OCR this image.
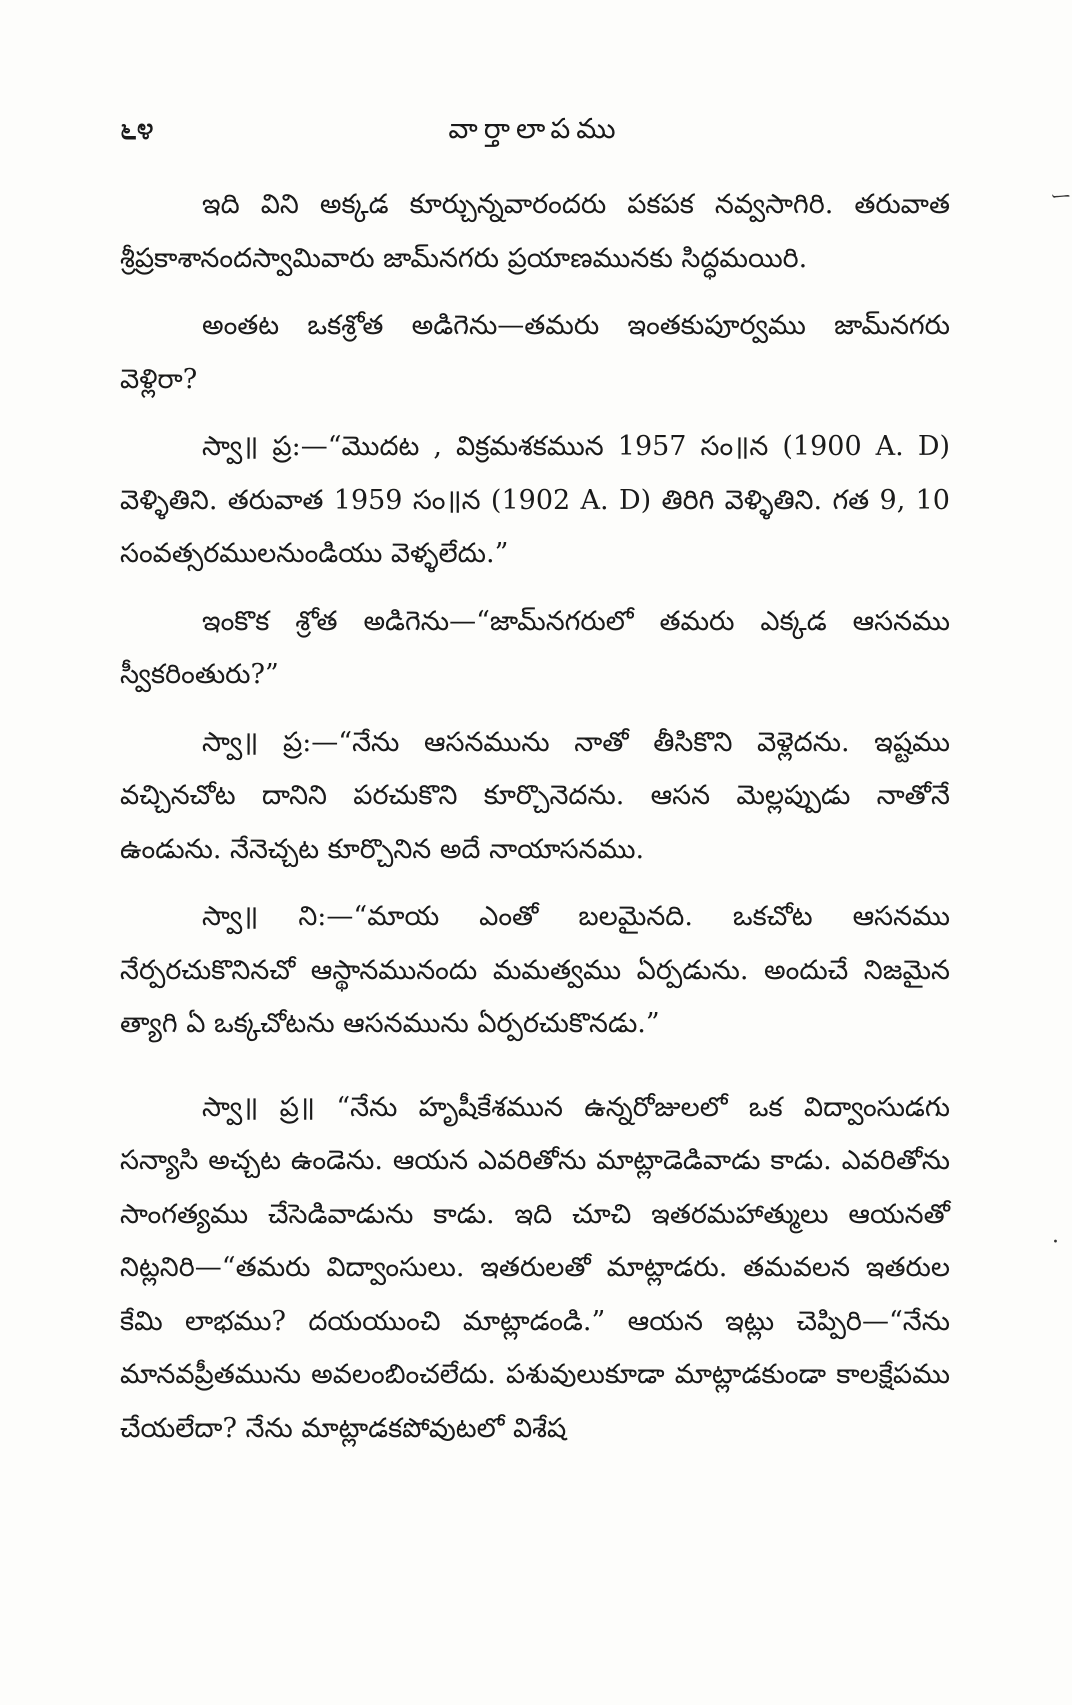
೬೪	వార్తాలాపము

ఇది విని అక్కడ కూర్చున్నవారందరు పకపక నవ్వసాగిరి. తరువాత శ్రీప్రకాశానందస్వామివారు జామ్‌నగరు ప్రయాణమునకు సిద్ధమయిరి.

అంతట ఒకశ్రోత అడిగెను—తమరు ఇంతకుపూర్వము జామ్‌నగరు వెళ్లిరా?

స్వా॥ ప్ర:—“మొదట , విక్రమశకమున 1957 సం॥న (1900 A. D) వెళ్ళితిని. తరువాత 1959 సం॥న (1902 A. D) తిరిగి వెళ్ళితిని. గత 9, 10 సంవత్సరములనుండియు వెళ్ళలేదు.”

ఇంకొక శ్రోత అడిగెను—“జామ్‌నగరులో తమరు ఎక్కడ ఆసనము స్వీకరింతురు?”

స్వా॥ ప్ర:—“నేను ఆసనమును నాతో తీసికొని వెళ్లెదను. ఇష్టము వచ్చినచోట దానిని పరచుకొని కూర్చొనెదను. ఆసన మెల్లప్పుడు నాతోనే ఉండును. నేనెచ్చట కూర్చొనిన అదే నాయాసనము.

స్వా॥ ని:—“మాయ ఎంతో బలమైనది. ఒకచోట ఆసనము నేర్పరచుకొనినచో ఆస్థానమునందు మమత్వము ఏర్పడును. అందుచే నిజమైన త్యాగి ఏ ఒక్కచోటను ఆసనమును ఏర్పరచుకొనడు.”

స్వా॥ ప్ర॥ “నేను హృషీకేశమున ఉన్నరోజులలో ఒక విద్వాంసుడగు సన్యాసి అచ్చట ఉండెను. ఆయన ఎవరితోను మాట్లాడెడివాడు కాడు. ఎవరితోను సాంగత్యము చేసెడివాడును కాడు. ఇది చూచి ఇతరమహాత్ములు ఆయనతో నిట్లనిరి—“తమరు విద్వాంసులు. ఇతరులతో మాట్లాడరు. తమవలన ఇతరుల కేమి లాభము? దయయుంచి మాట్లాడండి.” ఆయన ఇట్లు చెప్పిరి—“నేను మానవప్రీతమును అవలంబించలేదు. పశువులుకూడా మాట్లాడకుండా కాలక్షేపము చేయలేదా? నేను మాట్లాడకపోవుటలో విశేష

ー
·
